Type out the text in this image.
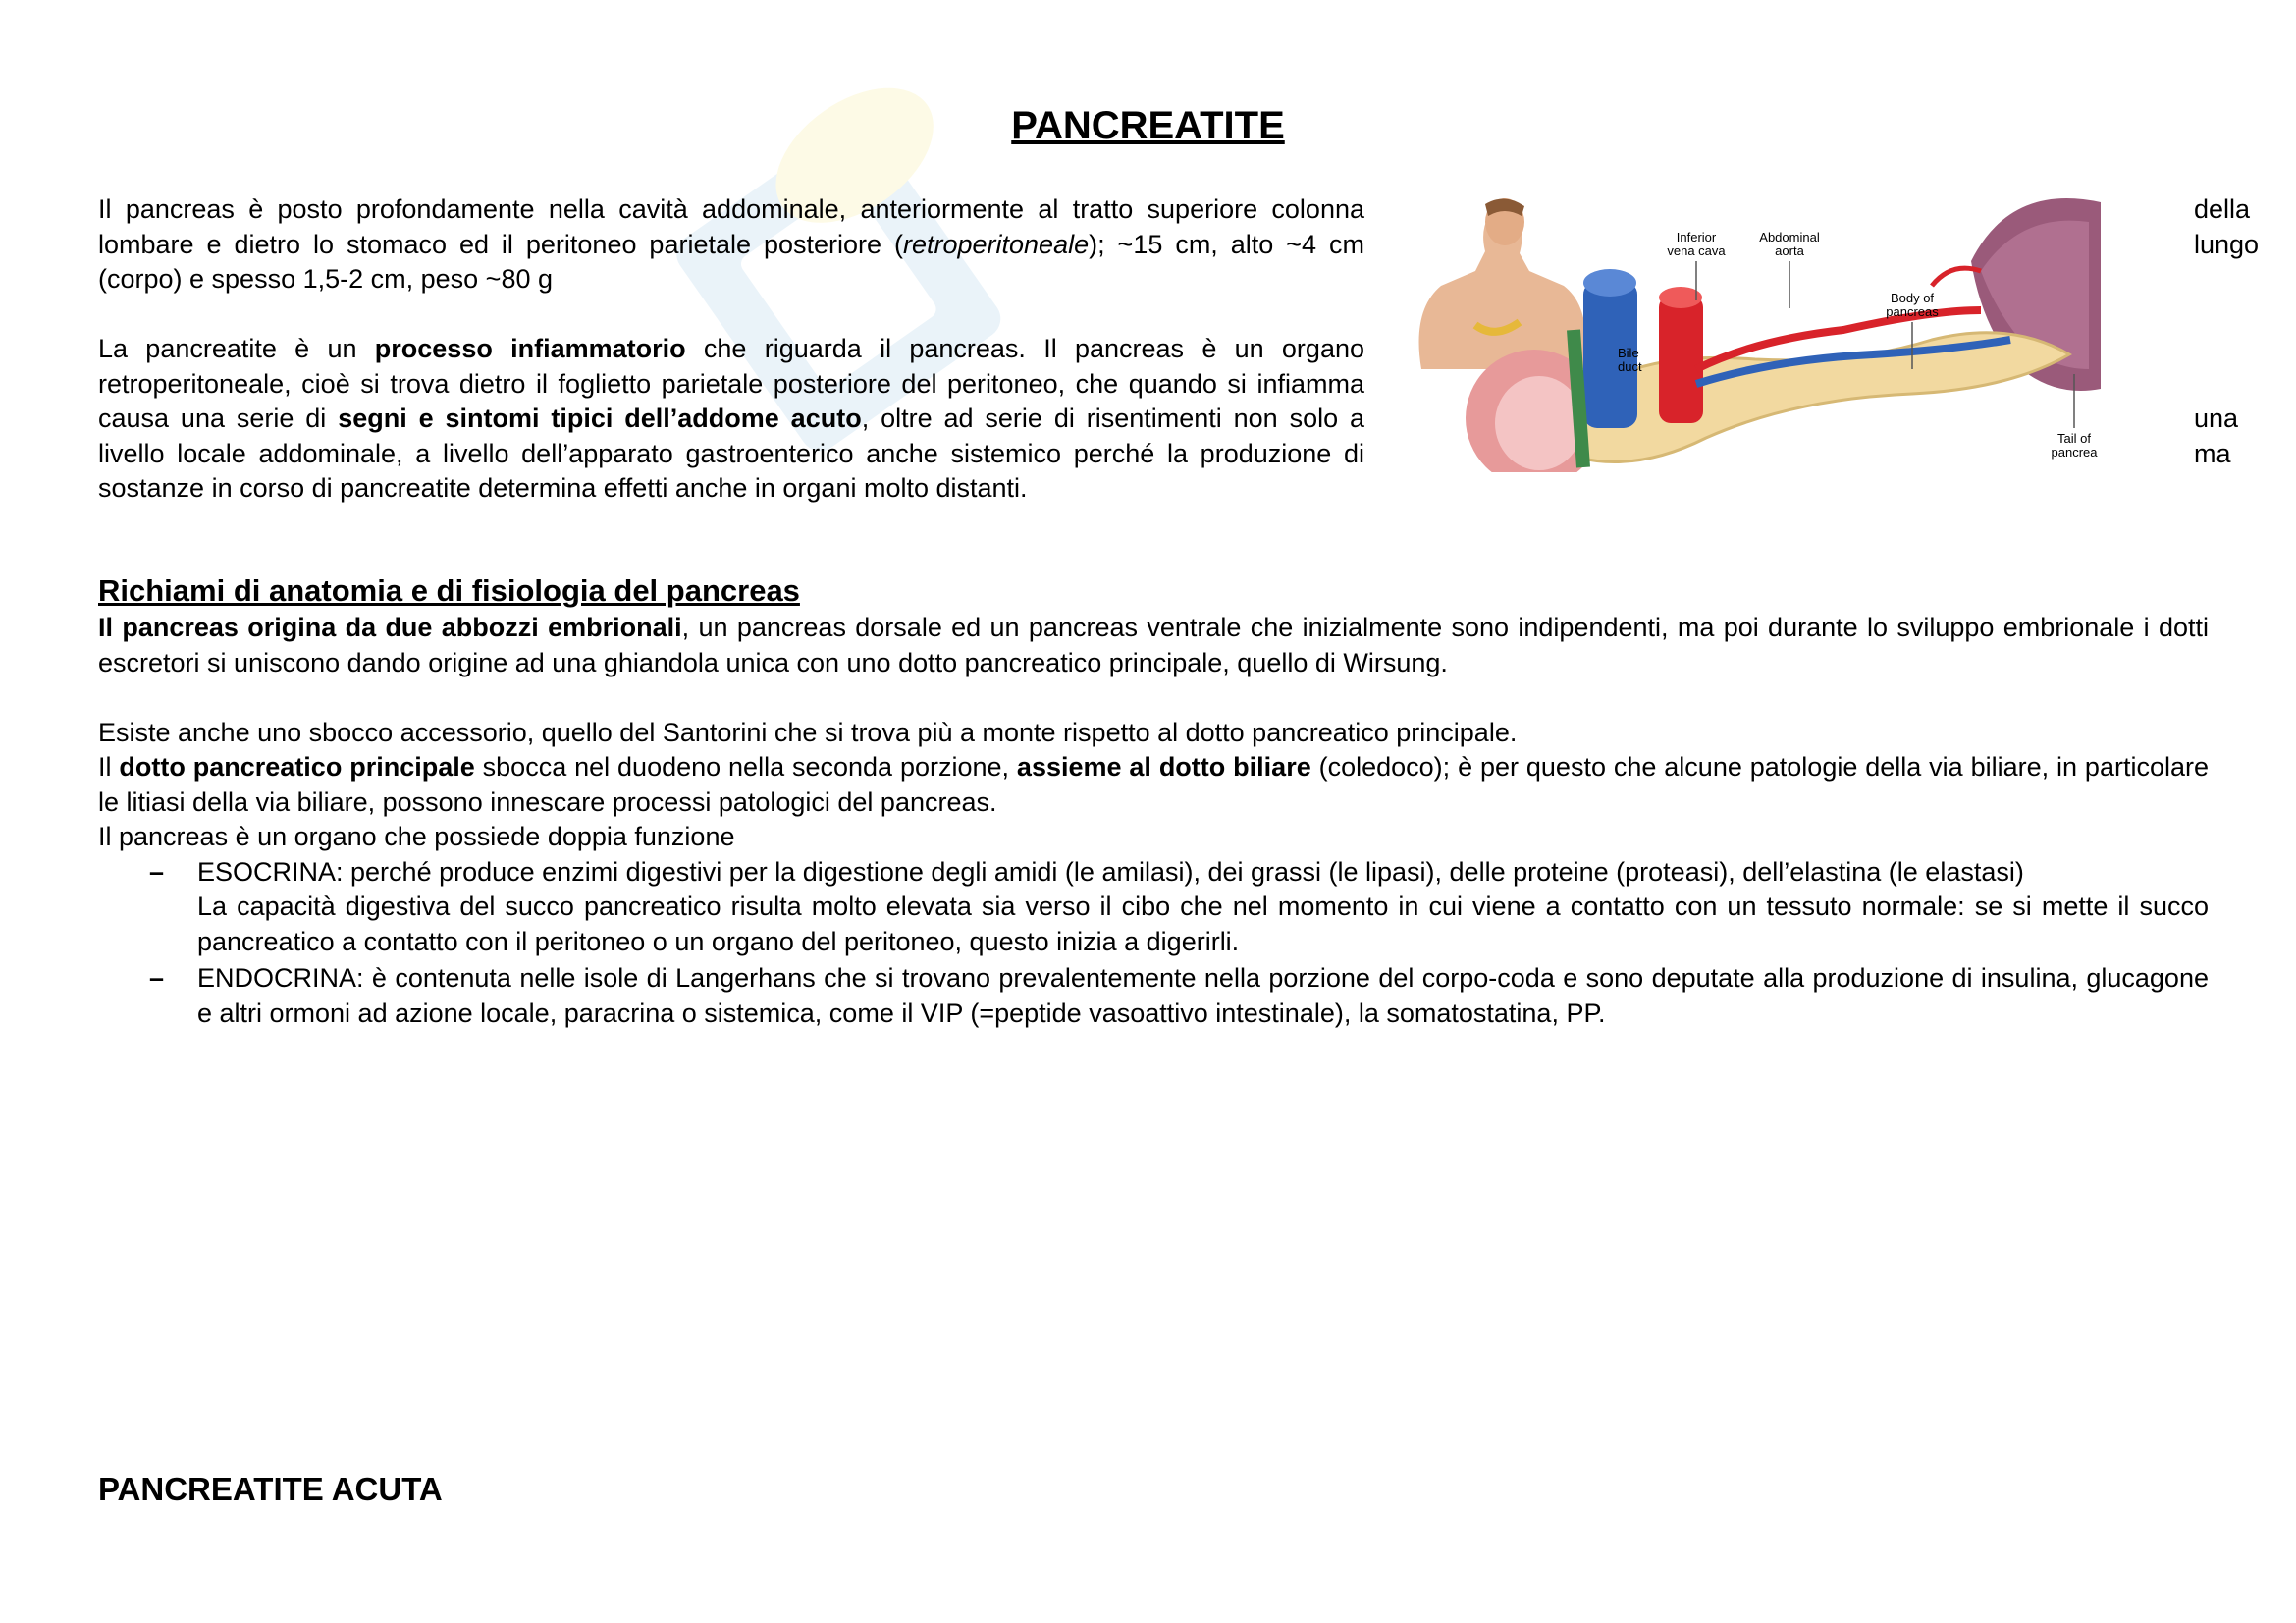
PANCREATITE

Il pancreas è posto profondamente nella cavità addominale, anteriormente al tratto superiore colonna lombare e dietro lo stomaco ed il peritoneo parietale posteriore (retroperitoneale); ~15 cm, alto ~4 cm (corpo) e spesso 1,5-2 cm, peso ~80 g

della
lungo

La pancreatite è un processo infiammatorio che riguarda il pancreas. Il pancreas è un organo retroperitoneale, cioè si trova dietro il foglietto parietale posteriore del peritoneo, che quando si infiamma causa una serie di segni e sintomi tipici dell’addome acuto, oltre ad serie di risentimenti non solo a livello locale addominale, a livello dell’apparato gastroenterico anche sistemico perché la produzione di sostanze in corso di pancreatite determina effetti anche in organi molto distanti.

una
ma
Inferior vena cava
Abdominal aorta
Body of pancreas
Bile duct
Tail of pancrea
Richiami di anatomia e di fisiologia del pancreas

Il pancreas origina da due abbozzi embrionali, un pancreas dorsale ed un pancreas ventrale che inizialmente sono indipendenti, ma poi durante lo sviluppo embrionale i dotti escretori si uniscono dando origine ad una ghiandola unica con uno dotto pancreatico principale, quello di Wirsung.

Esiste anche uno sbocco accessorio, quello del Santorini che si trova più a monte rispetto al dotto pancreatico principale.

Il dotto pancreatico principale sbocca nel duodeno nella seconda porzione, assieme al dotto biliare (coledoco); è per questo che alcune patologie della via biliare, in particolare le litiasi della via biliare, possono innescare processi patologici del pancreas.

Il pancreas è un organo che possiede doppia funzione

– ESOCRINA: perché produce enzimi digestivi per la digestione degli amidi (le amilasi), dei grassi (le lipasi), delle proteine (proteasi), dell’elastina (le elastasi)
La capacità digestiva del succo pancreatico risulta molto elevata sia verso il cibo che nel momento in cui viene a contatto con un tessuto normale: se si mette il succo pancreatico a contatto con il peritoneo o un organo del peritoneo, questo inizia a digerirli.
– ENDOCRINA: è contenuta nelle isole di Langerhans che si trovano prevalentemente nella porzione del corpo-coda e sono deputate alla produzione di insulina, glucagone e altri ormoni ad azione locale, paracrina o sistemica, come il VIP (=peptide vasoattivo intestinale), la somatostatina, PP.
PANCREATITE ACUTA
